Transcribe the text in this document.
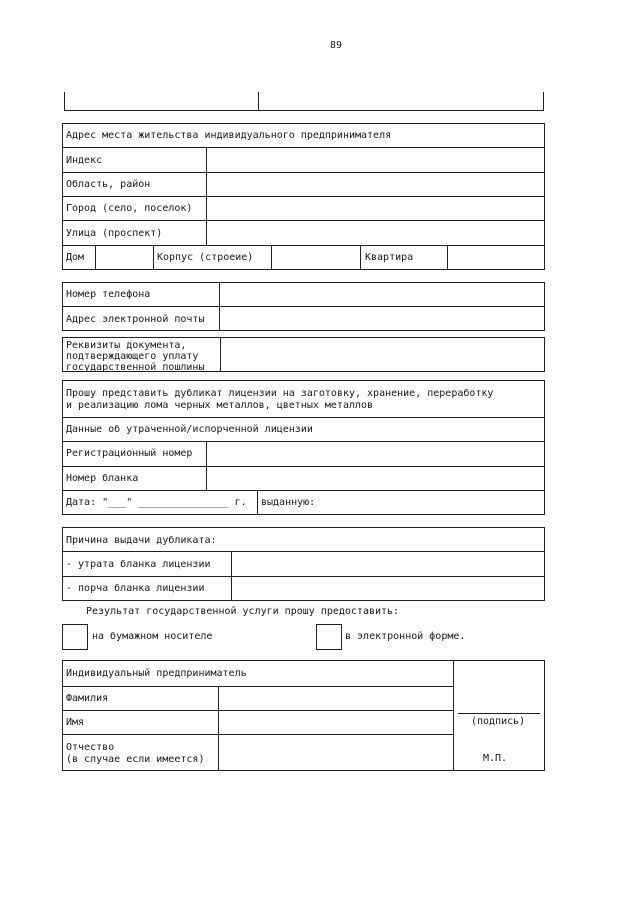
89
Адрес места жительства индивидуального предпринимателя
Индекс
Область, район
Город (село, поселок)
Улица (проспект)
Дом	Корпус (строеие)	Квартира
Номер телефона
Адрес электронной почты
Реквизиты документа,
подтверждающего уплату
государственной пошлины
Прошу представить дубликат лицензии на заготовку, хранение, переработку
и реализацию лома черных металлов, цветных металлов
Данные об утраченной/испорченной лицензии
Регистрационный номер
Номер бланка
Дата: "___" _______________ г. выданную:
Причина выдачи дубликата:
- утрата бланка лицензии
- порча бланка лицензии
Результат государственной услуги прошу предоставить:
на бумажном носителе	в электронной форме.
Индивидуальный предприниматель
Фамилия
Имя
Отчество
(в случае если имеется)
(подпись)
М.П.
